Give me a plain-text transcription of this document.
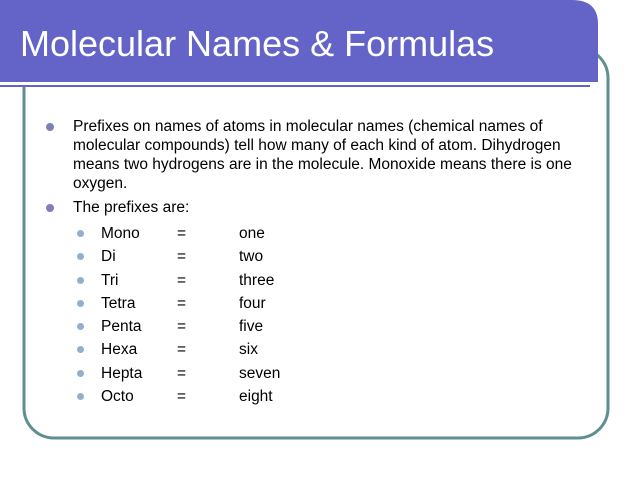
Molecular Names & Formulas
Prefixes on names of atoms in molecular names (chemical names of molecular compounds) tell how many of each kind of atom. Dihydrogen means two hydrogens are in the molecule. Monoxide means there is one oxygen.
The prefixes are:
Mono =	one
Di	=	two
Tri	=	three
Tetra	=	four
Penta =	five
Hexa	=	six
Hepta =	seven
Octo	=	eight
